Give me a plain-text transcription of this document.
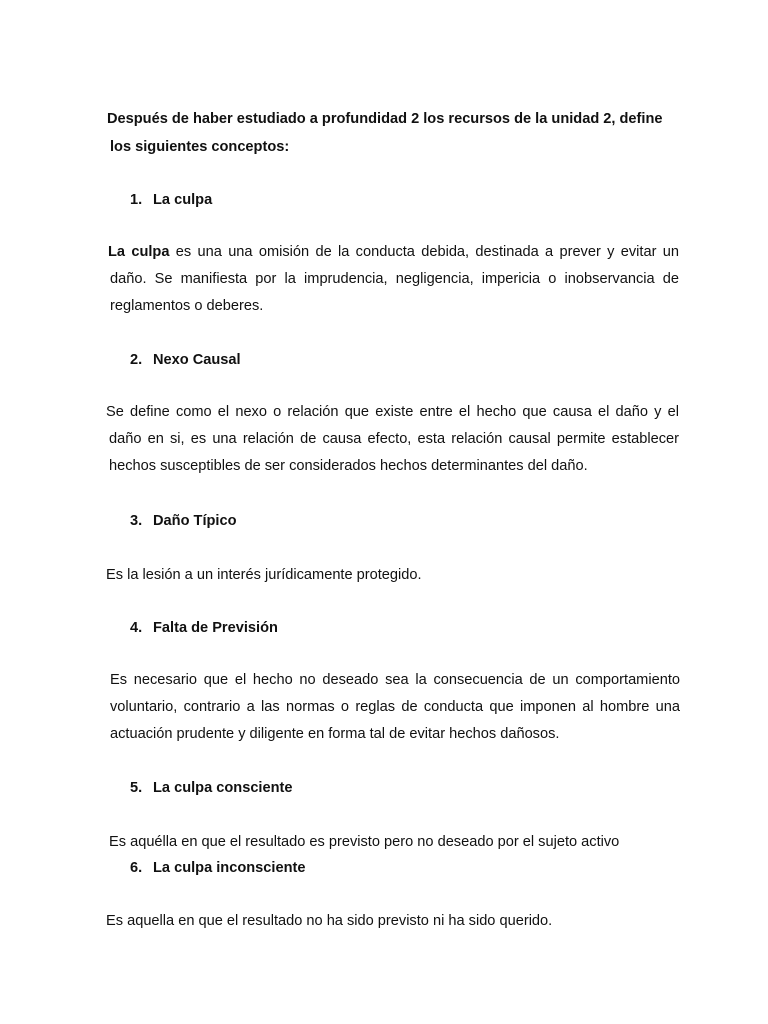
Después de haber estudiado a profundidad 2 los recursos de la unidad 2, define

los siguientes conceptos:

1. La culpa

La culpa es una una omisión de la conducta debida, destinada a prever y evitar un
daño. Se manifiesta por la imprudencia, negligencia, impericia o inobservancia de
reglamentos o deberes.

2. Nexo Causal

Se define como el nexo o relación que existe entre el hecho que causa el daño y el
daño en si, es una relación de causa efecto, esta relación causal permite establecer
hechos susceptibles de ser considerados hechos determinantes del daño.

3. Daño Típico

Es la lesión a un interés jurídicamente protegido.

4. Falta de Previsión

Es necesario que el hecho no deseado sea la consecuencia de un comportamiento
voluntario, contrario a las normas o reglas de conducta que imponen al hombre una
actuación prudente y diligente en forma tal de evitar hechos dañosos.

5. La culpa consciente

Es aquélla en que el resultado es previsto pero no deseado por el sujeto activo

6. La culpa inconsciente

Es aquella en que el resultado no ha sido previsto ni ha sido querido.
